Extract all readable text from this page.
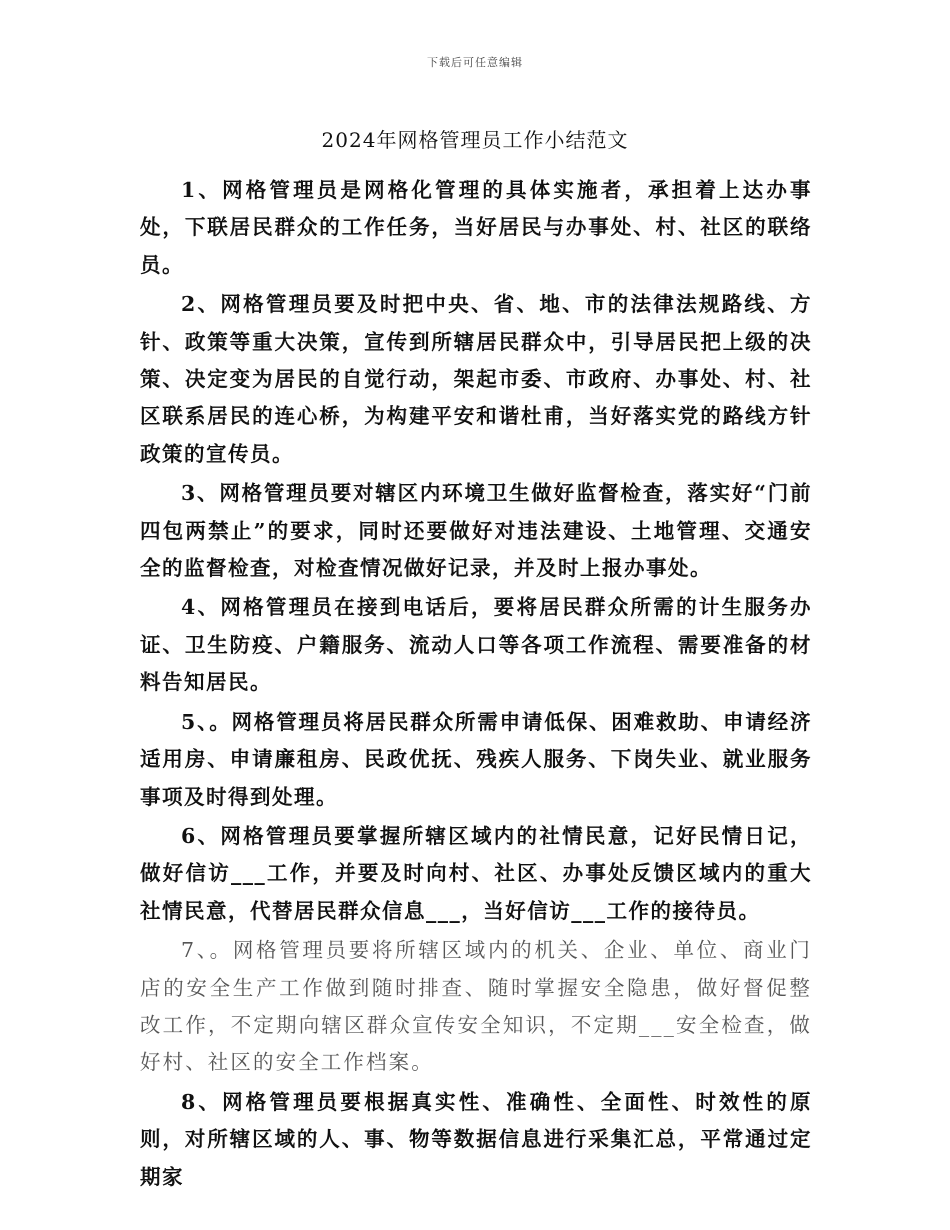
下载后可任意编辑
2024年网格管理员工作小结范文

1、网格管理员是网格化管理的具体实施者，承担着上达办事处，下联居民群众的工作任务，当好居民与办事处、村、社区的联络员。

2、网格管理员要及时把中央、省、地、市的法律法规路线、方针、政策等重大决策，宣传到所辖居民群众中，引导居民把上级的决策、决定变为居民的自觉行动，架起市委、市政府、办事处、村、社区联系居民的连心桥，为构建平安和谐杜甫，当好落实党的路线方针政策的宣传员。

3、网格管理员要对辖区内环境卫生做好监督检查，落实好“门前四包两禁止”的要求，同时还要做好对违法建设、土地管理、交通安全的监督检查，对检查情况做好记录，并及时上报办事处。

4、网格管理员在接到电话后，要将居民群众所需的计生服务办证、卫生防疫、户籍服务、流动人口等各项工作流程、需要准备的材料告知居民。

5、。网格管理员将居民群众所需申请低保、困难救助、申请经济适用房、申请廉租房、民政优抚、残疾人服务、下岗失业、就业服务事项及时得到处理。

6、网格管理员要掌握所辖区域内的社情民意，记好民情日记，做好信访___工作，并要及时向村、社区、办事处反馈区域内的重大社情民意，代替居民群众信息___，当好信访___工作的接待员。

7、。网格管理员要将所辖区域内的机关、企业、单位、商业门店的安全生产工作做到随时排查、随时掌握安全隐患，做好督促整改工作，不定期向辖区群众宣传安全知识，不定期___安全检查，做好村、社区的安全工作档案。

8、网格管理员要根据真实性、准确性、全面性、时效性的原则，对所辖区域的人、事、物等数据信息进行采集汇总，平常通过定期家
